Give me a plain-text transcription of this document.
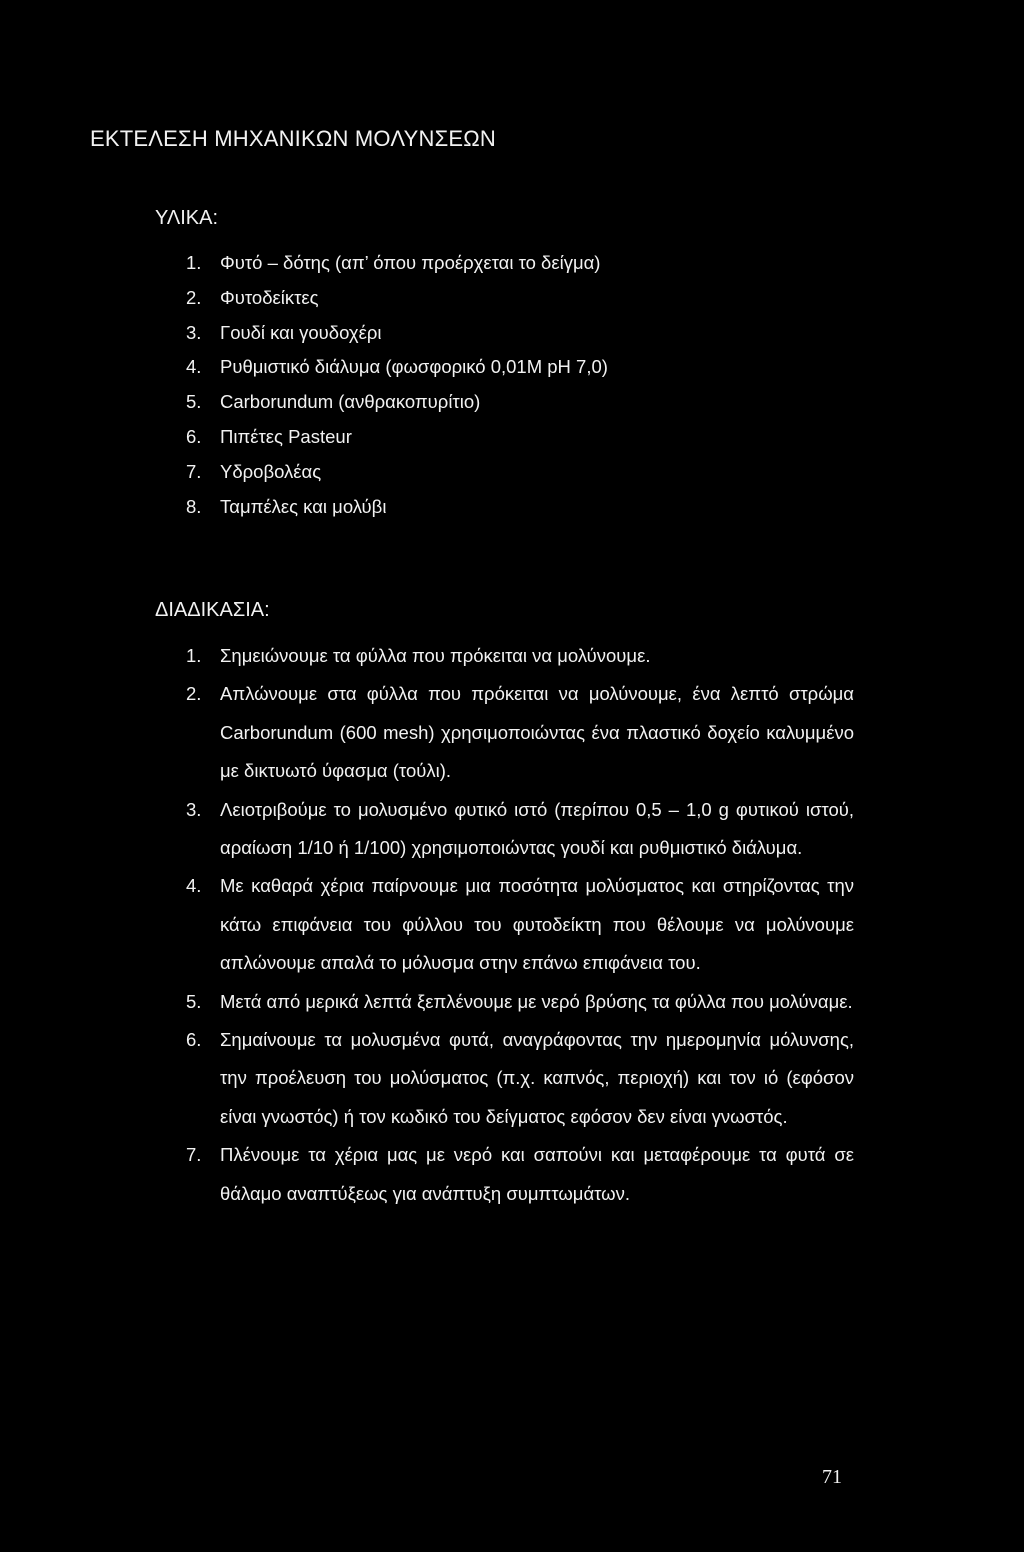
ΕΚΤΕΛΕΣΗ ΜΗΧΑΝΙΚΩΝ ΜΟΛΥΝΣΕΩΝ
ΥΛΙΚΑ:
1.	Φυτό – δότης (απ’ όπου προέρχεται το δείγμα)
2.	Φυτοδείκτες
3.	Γουδί και γουδοχέρι
4.	Ρυθμιστικό διάλυμα (φωσφορικό 0,01Μ pH 7,0)
5.	Carborundum (ανθρακοπυρίτιο)
6.	Πιπέτες Pasteur
7.	Υδροβολέας
8.	Ταμπέλες και μολύβι
ΔΙΑΔΙΚΑΣΙΑ:
1.	Σημειώνουμε τα φύλλα που πρόκειται να μολύνουμε.
2.	Απλώνουμε στα φύλλα που πρόκειται να μολύνουμε, ένα λεπτό στρώμα Carborundum (600 mesh) χρησιμοποιώντας ένα πλαστικό δοχείο καλυμμένο με δικτυωτό ύφασμα (τούλι).
3.	Λειοτριβούμε το μολυσμένο φυτικό ιστό (περίπου 0,5 – 1,0 g φυτικού ιστού, αραίωση 1/10 ή 1/100) χρησιμοποιώντας γουδί και ρυθμιστικό διάλυμα.
4.	Με καθαρά χέρια παίρνουμε μια ποσότητα μολύσματος και στηρίζοντας την κάτω επιφάνεια του φύλλου του φυτοδείκτη που θέλουμε να μολύνουμε απλώνουμε απαλά το μόλυσμα στην επάνω επιφάνεια του.
5.	Μετά από μερικά λεπτά ξεπλένουμε με νερό βρύσης τα φύλλα που μολύναμε.
6.	Σημαίνουμε τα μολυσμένα φυτά, αναγράφοντας την ημερομηνία μόλυνσης, την προέλευση του μολύσματος (π.χ. καπνός, περιοχή) και τον ιό (εφόσον είναι γνωστός) ή τον κωδικό του δείγματος εφόσον δεν είναι γνωστός.
7.	Πλένουμε τα χέρια μας με νερό και σαπούνι και μεταφέρουμε τα φυτά σε θάλαμο αναπτύξεως για ανάπτυξη συμπτωμάτων.
71
